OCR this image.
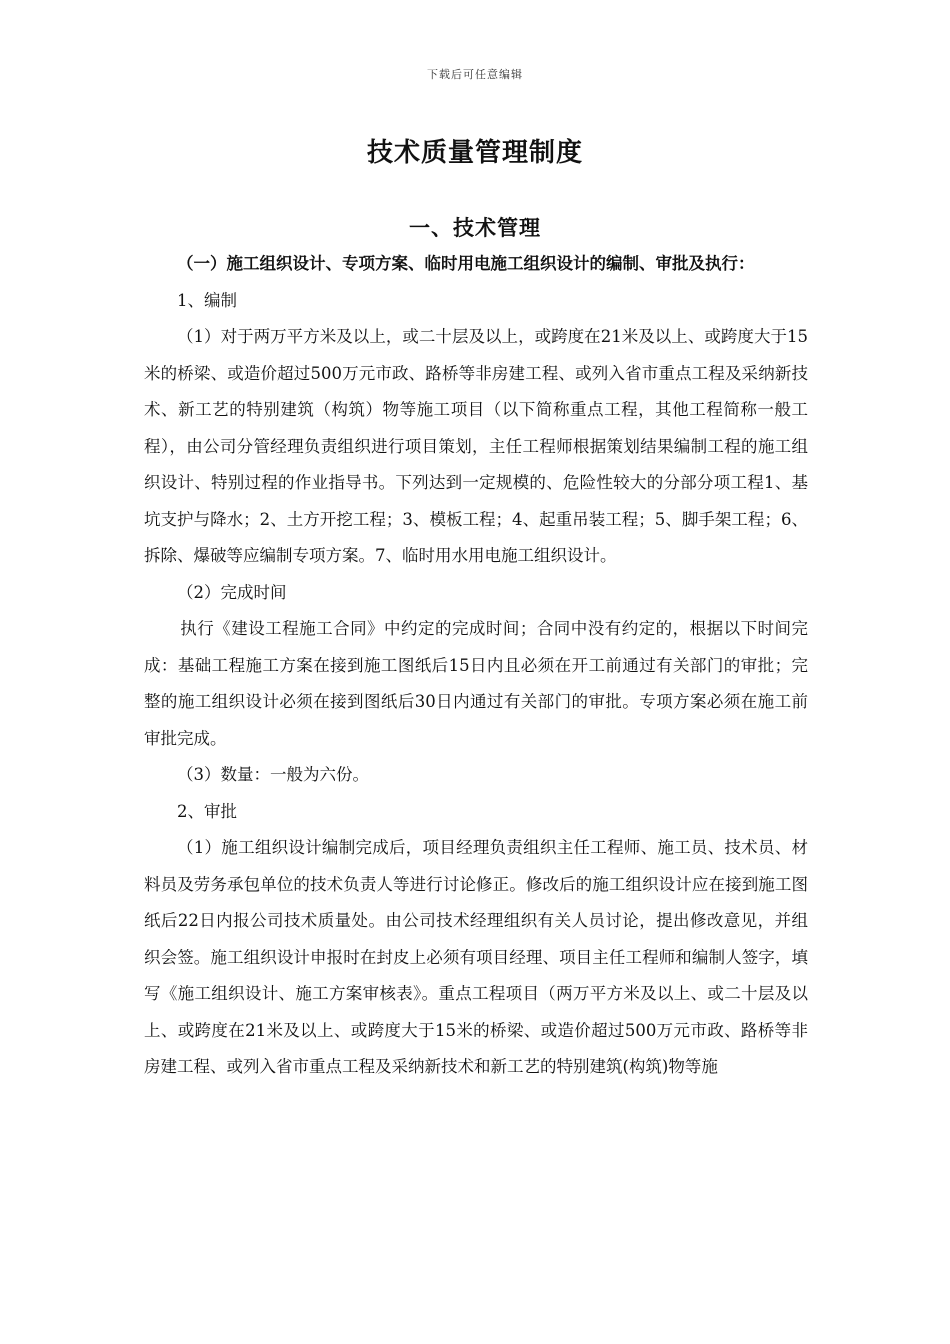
下载后可任意编辑
技术质量管理制度
一、技术管理

（一）施工组织设计、专项方案、临时用电施工组织设计的编制、审批及执行：

1、编制

（1）对于两万平方米及以上，或二十层及以上，或跨度在21米及以上、或跨度大于15米的桥梁、或造价超过500万元市政、路桥等非房建工程、或列入省市重点工程及采纳新技术、新工艺的特别建筑（构筑）物等施工项目（以下简称重点工程，其他工程简称一般工程），由公司分管经理负责组织进行项目策划，主任工程师根据策划结果编制工程的施工组织设计、特别过程的作业指导书。下列达到一定规模的、危险性较大的分部分项工程1、基坑支护与降水；2、土方开挖工程；3、模板工程；4、起重吊装工程；5、脚手架工程；6、拆除、爆破等应编制专项方案。7、临时用水用电施工组织设计。

（2）完成时间

执行《建设工程施工合同》中约定的完成时间；合同中没有约定的，根据以下时间完成：基础工程施工方案在接到施工图纸后15日内且必须在开工前通过有关部门的审批；完整的施工组织设计必须在接到图纸后30日内通过有关部门的审批。专项方案必须在施工前审批完成。

（3）数量：一般为六份。

2、审批

（1）施工组织设计编制完成后，项目经理负责组织主任工程师、施工员、技术员、材料员及劳务承包单位的技术负责人等进行讨论修正。修改后的施工组织设计应在接到施工图纸后22日内报公司技术质量处。由公司技术经理组织有关人员讨论，提出修改意见，并组织会签。施工组织设计申报时在封皮上必须有项目经理、项目主任工程师和编制人签字，填写《施工组织设计、施工方案审核表》。重点工程项目（两万平方米及以上、或二十层及以上、或跨度在21米及以上、或跨度大于15米的桥梁、或造价超过500万元市政、路桥等非房建工程、或列入省市重点工程及采纳新技术和新工艺的特别建筑(构筑)物等施
